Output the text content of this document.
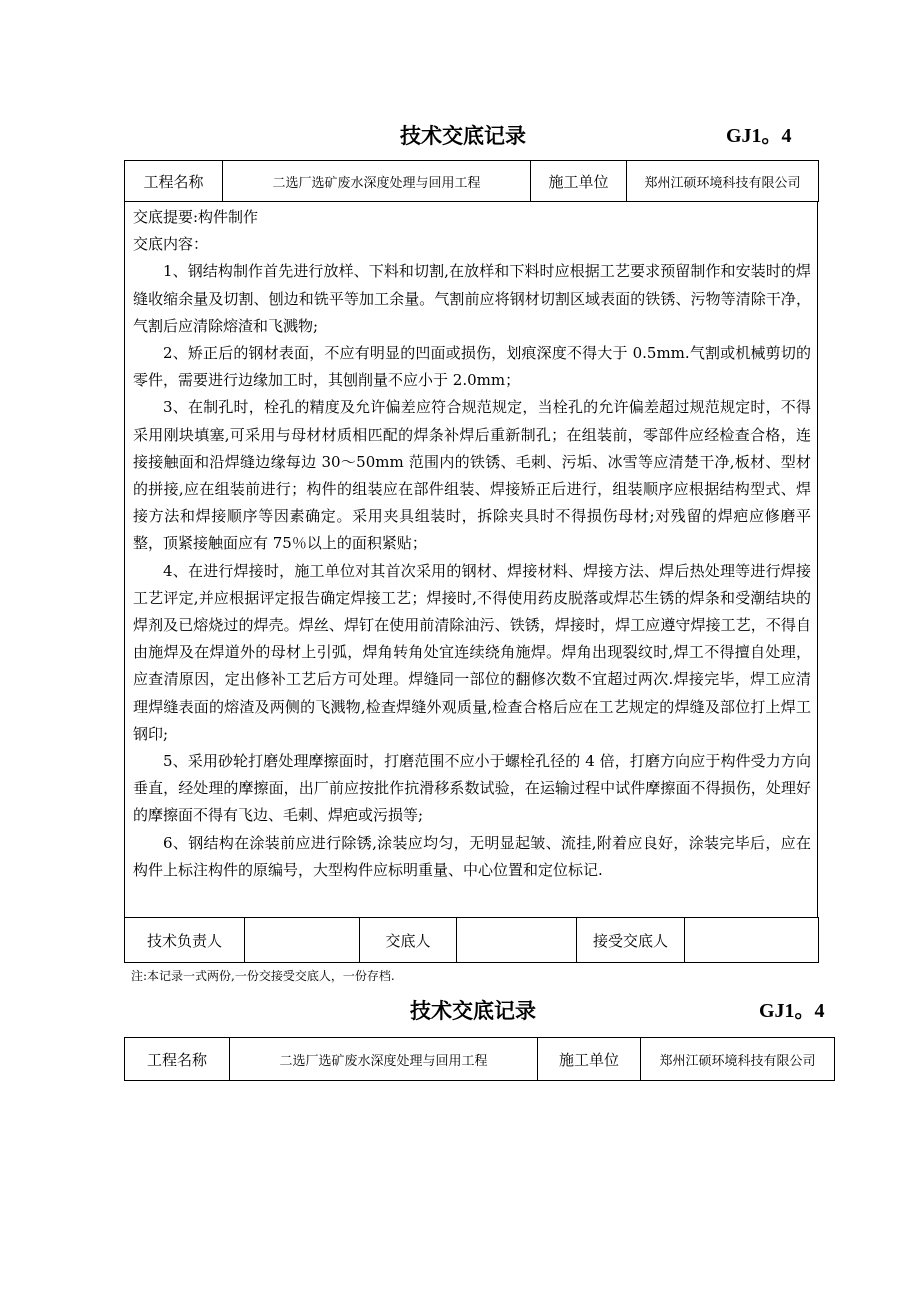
技术交底记录	GJ1。4
工程名称	二选厂选矿废水深度处理与回用工程	施工单位	郑州江硕环境科技有限公司

交底提要:构件制作

交底内容：

1、钢结构制作首先进行放样、下料和切割,在放样和下料时应根据工艺要求预留制作和安装时的焊缝收缩余量及切割、刨边和铣平等加工余量。气割前应将钢材切割区域表面的铁锈、污物等清除干净，气割后应清除熔渣和飞溅物;

2、矫正后的钢材表面，不应有明显的凹面或损伤，划痕深度不得大于 0.5mm.气割或机械剪切的零件，需要进行边缘加工时，其刨削量不应小于 2.0mm；

3、在制孔时，栓孔的精度及允许偏差应符合规范规定，当栓孔的允许偏差超过规范规定时，不得采用刚块填塞,可采用与母材材质相匹配的焊条补焊后重新制孔；在组装前，零部件应经检查合格，连接接触面和沿焊缝边缘每边 30～50mm 范围内的铁锈、毛刺、污垢、冰雪等应清楚干净,板材、型材的拼接,应在组装前进行；构件的组装应在部件组装、焊接矫正后进行，组装顺序应根据结构型式、焊接方法和焊接顺序等因素确定。采用夹具组装时，拆除夹具时不得损伤母材;对残留的焊疤应修磨平整，顶紧接触面应有 75％以上的面积紧贴；

4、在进行焊接时，施工单位对其首次采用的钢材、焊接材料、焊接方法、焊后热处理等进行焊接工艺评定,并应根据评定报告确定焊接工艺；焊接时,不得使用药皮脱落或焊芯生锈的焊条和受潮结块的焊剂及已熔烧过的焊壳。焊丝、焊钉在使用前清除油污、铁锈，焊接时，焊工应遵守焊接工艺，不得自由施焊及在焊道外的母材上引弧，焊角转角处宜连续绕角施焊。焊角出现裂纹时,焊工不得擅自处理，应查清原因，定出修补工艺后方可处理。焊缝同一部位的翻修次数不宜超过两次.焊接完毕，焊工应清理焊缝表面的熔渣及两侧的飞溅物,检查焊缝外观质量,检查合格后应在工艺规定的焊缝及部位打上焊工钢印;

5、采用砂轮打磨处理摩擦面时，打磨范围不应小于螺栓孔径的 4 倍，打磨方向应于构件受力方向垂直，经处理的摩擦面，出厂前应按批作抗滑移系数试验，在运输过程中试件摩擦面不得损伤，处理好的摩擦面不得有飞边、毛刺、焊疤或污损等;

6、钢结构在涂装前应进行除锈,涂装应均匀，无明显起皱、流挂,附着应良好，涂装完毕后，应在构件上标注构件的原编号，大型构件应标明重量、中心位置和定位标记.

技术负责人		交底人		接受交底人	
注:本记录一式两份,一份交接受交底人，一份存档.
技术交底记录	GJ1。4
工程名称	二选厂选矿废水深度处理与回用工程	施工单位	郑州江硕环境科技有限公司
